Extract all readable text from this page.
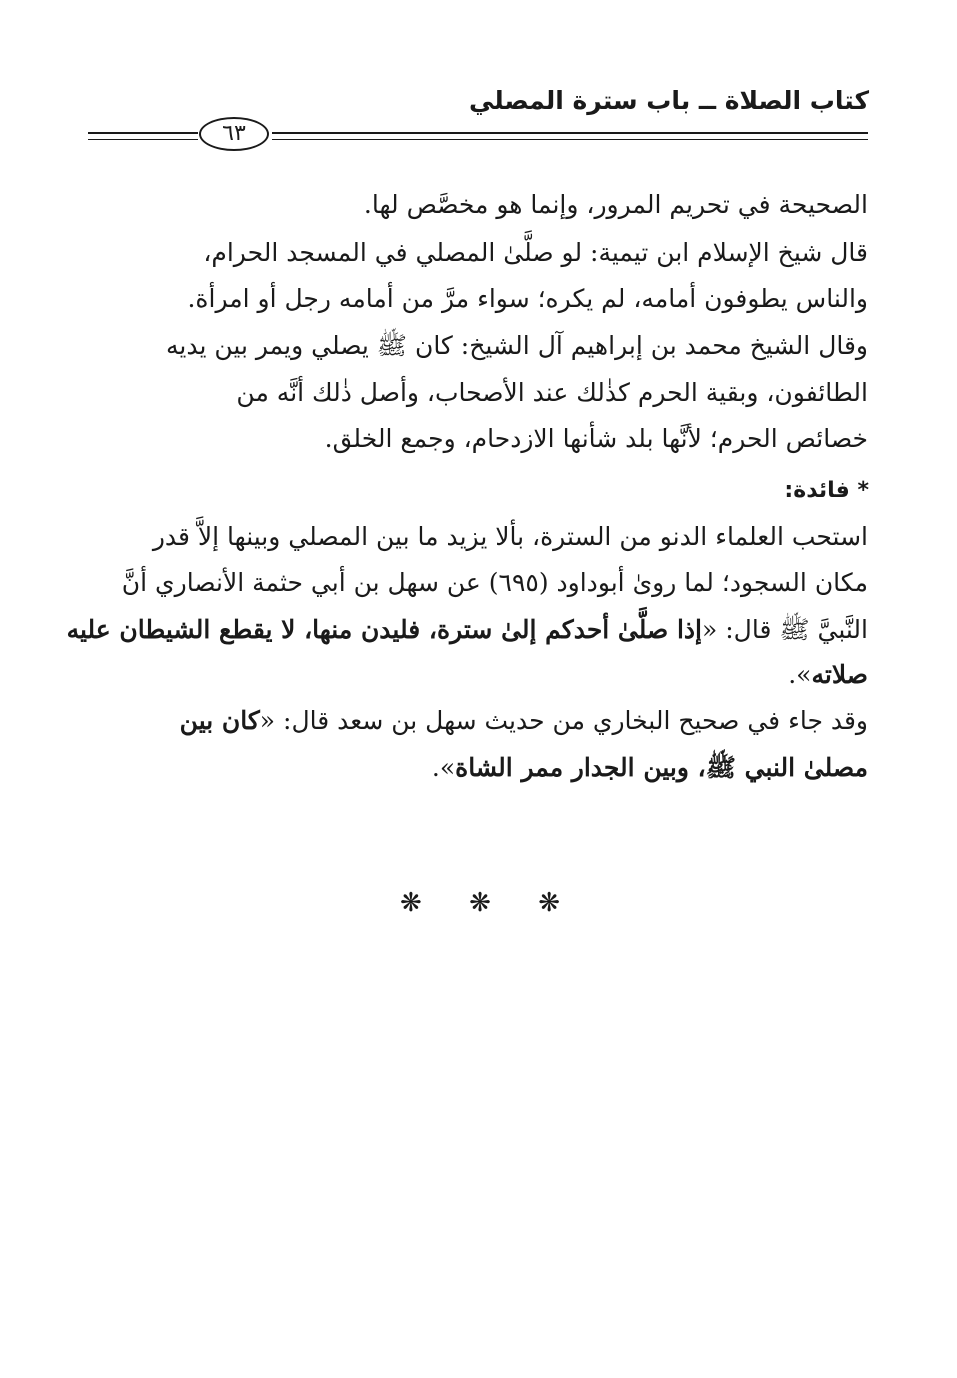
كتاب الصلاة ــ باب سترة المصلي
٦٣
الصحيحة في تحريم المرور، وإنما هو مخصَّص لها.
قال شيخ الإسلام ابن تيمية: لو صلَّىٰ المصلي في المسجد الحرام،
والناس يطوفون أمامه، لم يكره؛ سواء مرَّ من أمامه رجل أو امرأة.
وقال الشيخ محمد بن إبراهيم آل الشيخ: كان ﷺ يصلي ويمر بين يديه
الطائفون، وبقية الحرم كذٰلك عند الأصحاب، وأصل ذٰلك أنَّه من
خصائص الحرم؛ لأنَّها بلد شأنها الازدحام، وجمع الخلق.
* فائدة:
استحب العلماء الدنو من السترة، بألا يزيد ما بين المصلي وبينها إلاَّ قدر
مكان السجود؛ لما روىٰ أبوداود (٦٩٥) عن سهل بن أبي حثمة الأنصاري أنَّ
النَّبيَّ ﷺ قال: «إذا صلَّىٰ أحدكم إلىٰ سترة، فليدن منها، لا يقطع الشيطان عليه
صلاته».
وقد جاء في صحيح البخاري من حديث سهل بن سعد قال: «كان بين
مصلىٰ النبي ﷺ، وبين الجدار ممر الشاة».
❋ ❋ ❋
